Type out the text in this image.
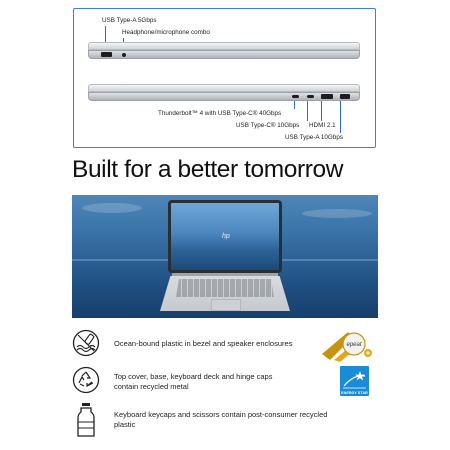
USB Type-A 5Gbps
Headphone/microphone combo
Thunderbolt™ 4 with USB Type-C® 40Gbps
USB Type-C® 10Gbps HDMI 2.1
USB Type-A 10Gbps
Built for a better tomorrow
hp
Ocean-bound plastic in bezel and speaker enclosures
Top cover, base, keyboard deck and hinge caps contain recycled metal
Keyboard keycaps and scissors contain post-consumer recycled plastic
epeat
ENERGY STAR
